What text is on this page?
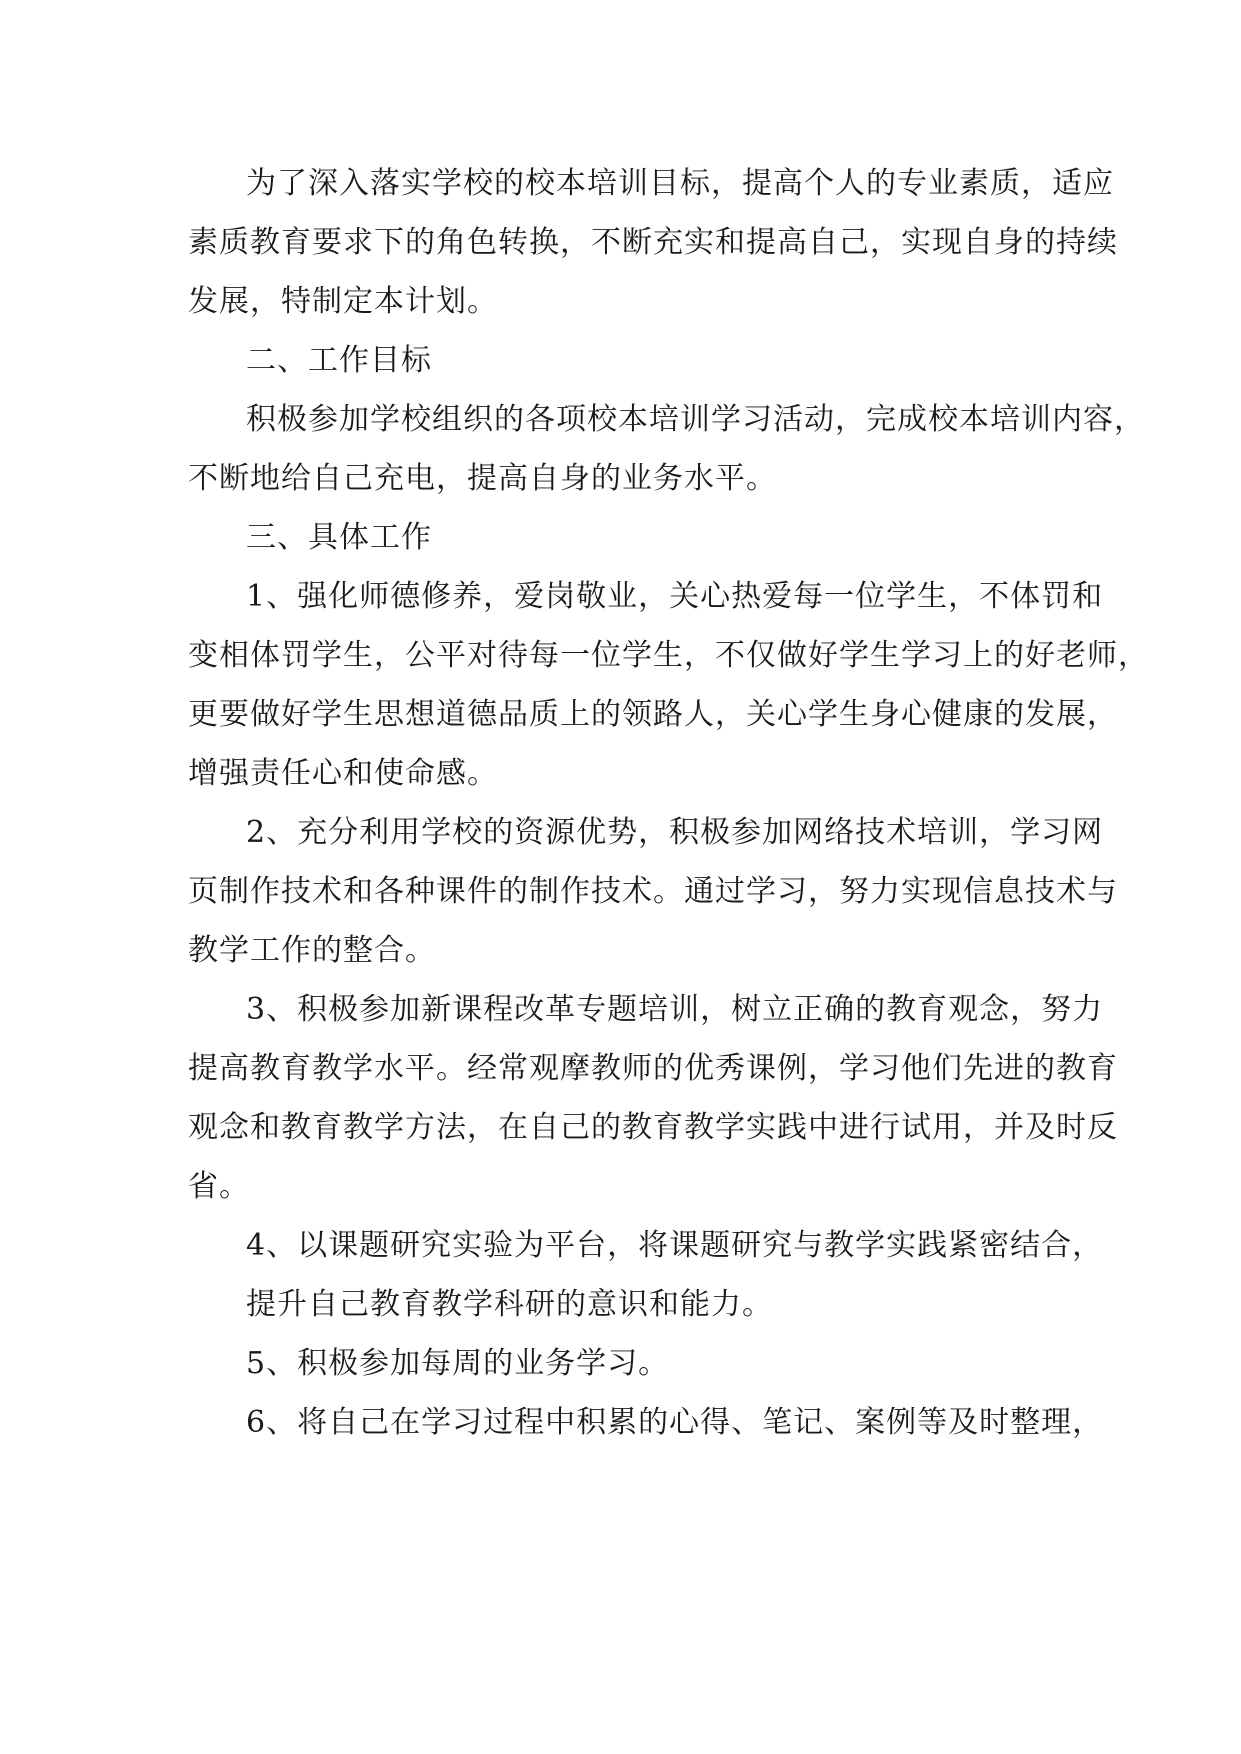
为了深入落实学校的校本培训目标，提高个人的专业素质，适应
素质教育要求下的角色转换，不断充实和提高自己，实现自身的持续
发展，特制定本计划。
二、工作目标
积极参加学校组织的各项校本培训学习活动，完成校本培训内容，
不断地给自己充电，提高自身的业务水平。
三、具体工作
1、强化师德修养，爱岗敬业，关心热爱每一位学生，不体罚和
变相体罚学生，公平对待每一位学生，不仅做好学生学习上的好老师，
更要做好学生思想道德品质上的领路人，关心学生身心健康的发展，
增强责任心和使命感。
2、充分利用学校的资源优势，积极参加网络技术培训，学习网
页制作技术和各种课件的制作技术。通过学习，努力实现信息技术与
教学工作的整合。
3、积极参加新课程改革专题培训，树立正确的教育观念，努力
提高教育教学水平。经常观摩教师的优秀课例，学习他们先进的教育
观念和教育教学方法，在自己的教育教学实践中进行试用，并及时反
省。
4、以课题研究实验为平台，将课题研究与教学实践紧密结合，
提升自己教育教学科研的意识和能力。
5、积极参加每周的业务学习。
6、将自己在学习过程中积累的心得、笔记、案例等及时整理，
